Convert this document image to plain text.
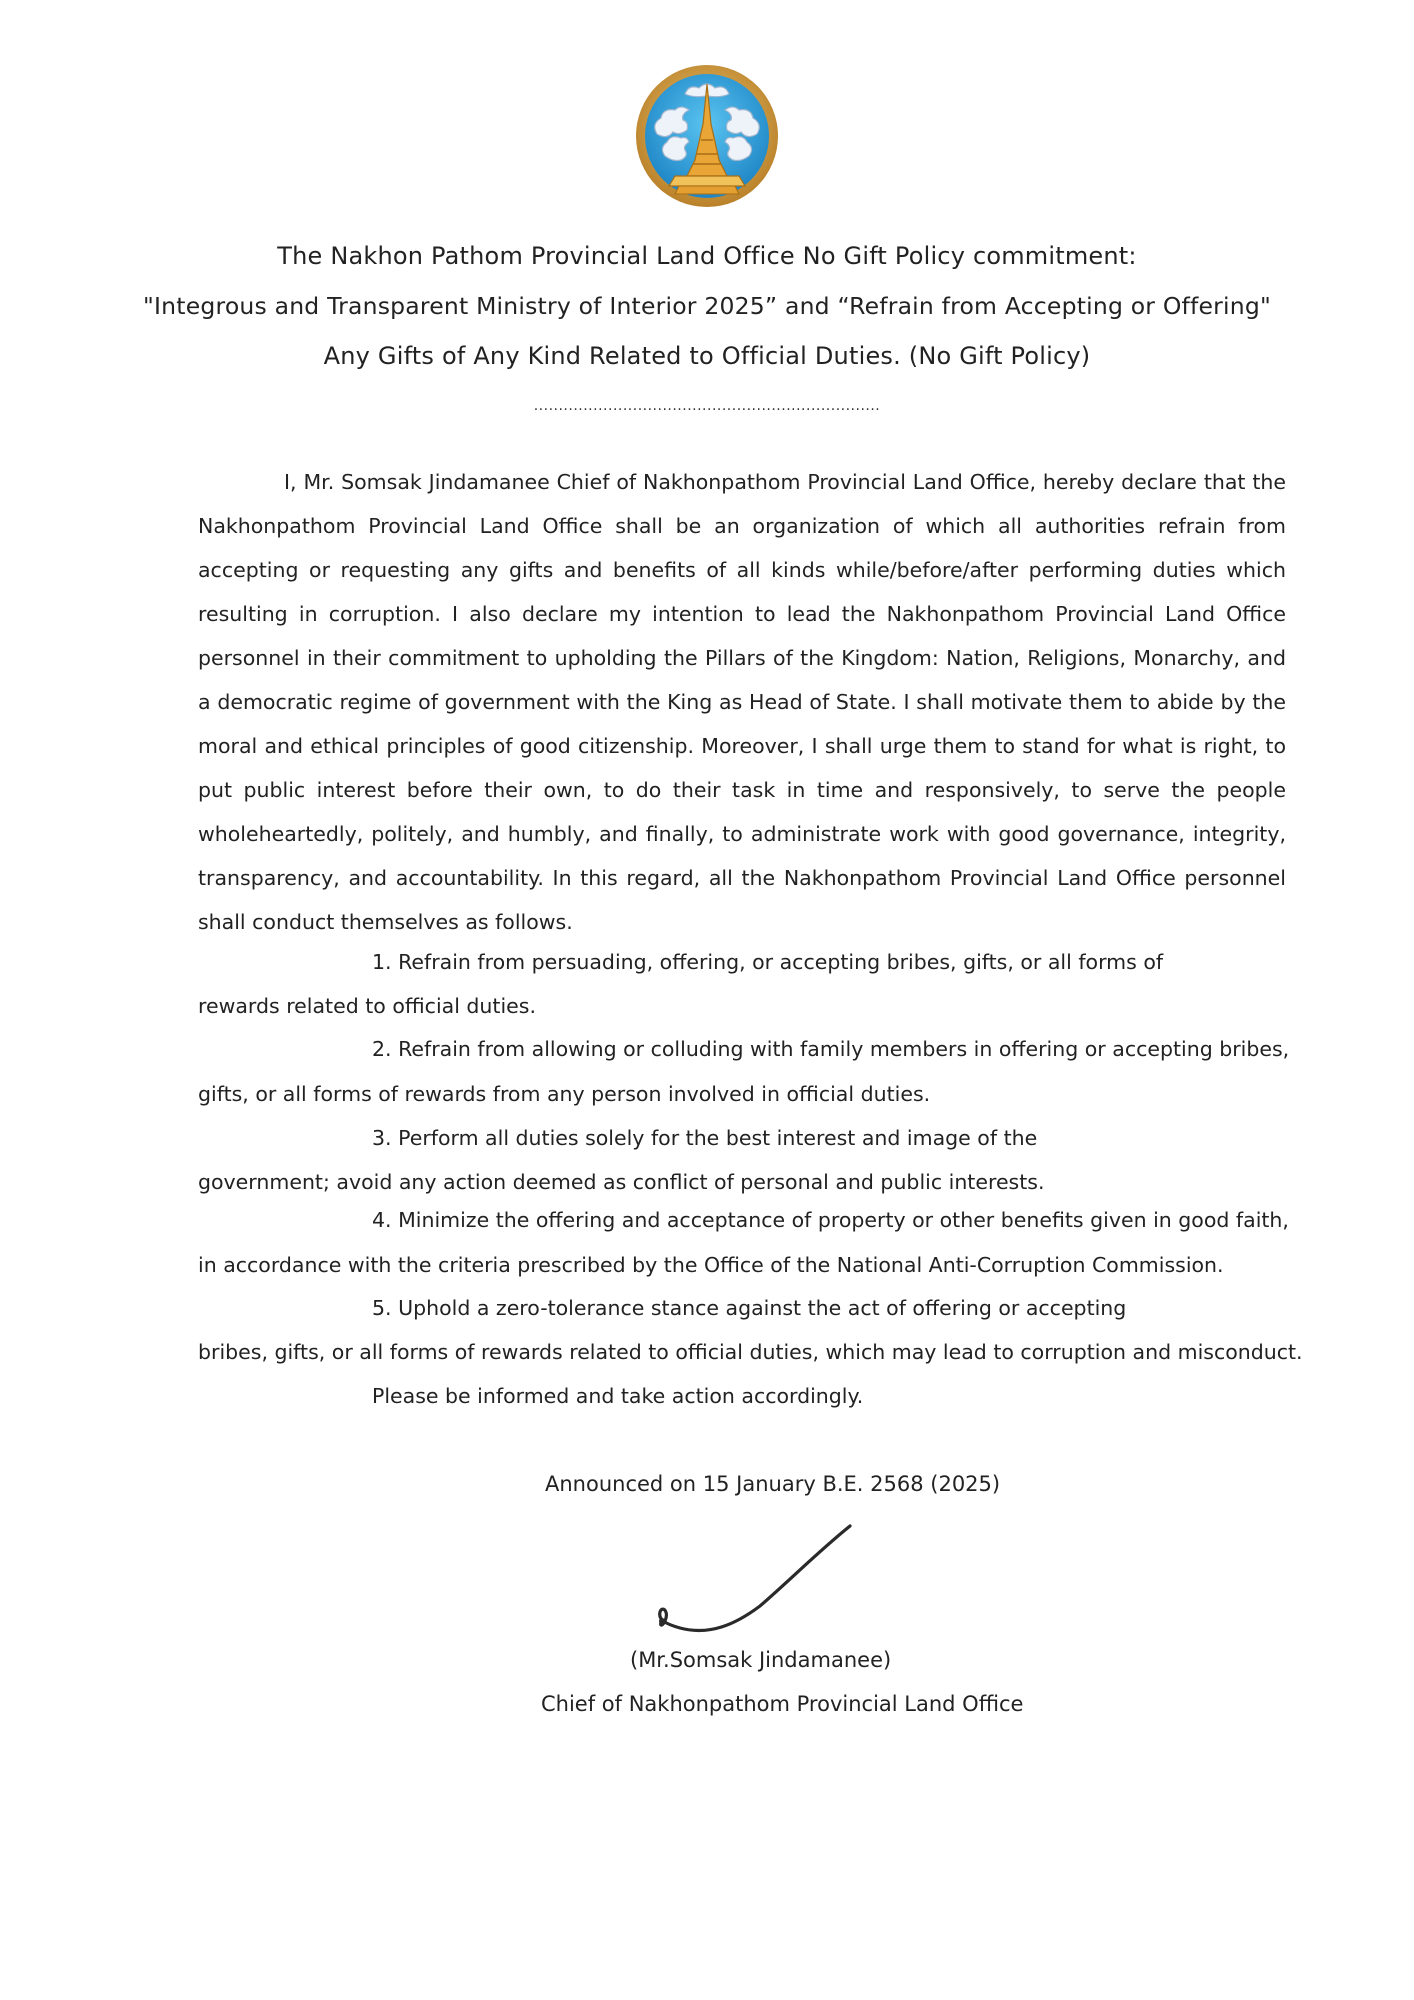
The Nakhon Pathom Provincial Land Office No Gift Policy commitment:
"Integrous and Transparent Ministry of Interior 2025” and “Refrain from Accepting or Offering"
Any Gifts of Any Kind Related to Official Duties. (No Gift Policy)
......................................................................
I, Mr. Somsak Jindamanee Chief of Nakhonpathom Provincial Land Office, hereby declare that the Nakhonpathom Provincial Land Office shall be an organization of which all authorities refrain from accepting or requesting any gifts and benefits of all kinds while/before/after performing duties which resulting in corruption. I also declare my intention to lead the Nakhonpathom Provincial Land Office personnel in their commitment to upholding the Pillars of the Kingdom: Nation, Religions, Monarchy, and a democratic regime of government with the King as Head of State. I shall motivate them to abide by the moral and ethical principles of good citizenship. Moreover, I shall urge them to stand for what is right, to put public interest before their own, to do their task in time and responsively, to serve the people wholeheartedly, politely, and humbly, and finally, to administrate work with good governance, integrity, transparency, and accountability. In this regard, all the Nakhonpathom Provincial Land Office personnel shall conduct themselves as follows.
1. Refrain from persuading, offering, or accepting bribes, gifts, or all forms of
rewards related to official duties.
2. Refrain from allowing or colluding with family members in offering or accepting bribes,
gifts, or all forms of rewards from any person involved in official duties.
3. Perform all duties solely for the best interest and image of the
government; avoid any action deemed as conflict of personal and public interests.
4. Minimize the offering and acceptance of property or other benefits given in good faith,
in accordance with the criteria prescribed by the Office of the National Anti-Corruption Commission.
5. Uphold a zero-tolerance stance against the act of offering or accepting
bribes, gifts, or all forms of rewards related to official duties, which may lead to corruption and misconduct.
Please be informed and take action accordingly.
Announced on 15 January B.E. 2568 (2025)
(Mr.Somsak Jindamanee)
Chief of Nakhonpathom Provincial Land Office
